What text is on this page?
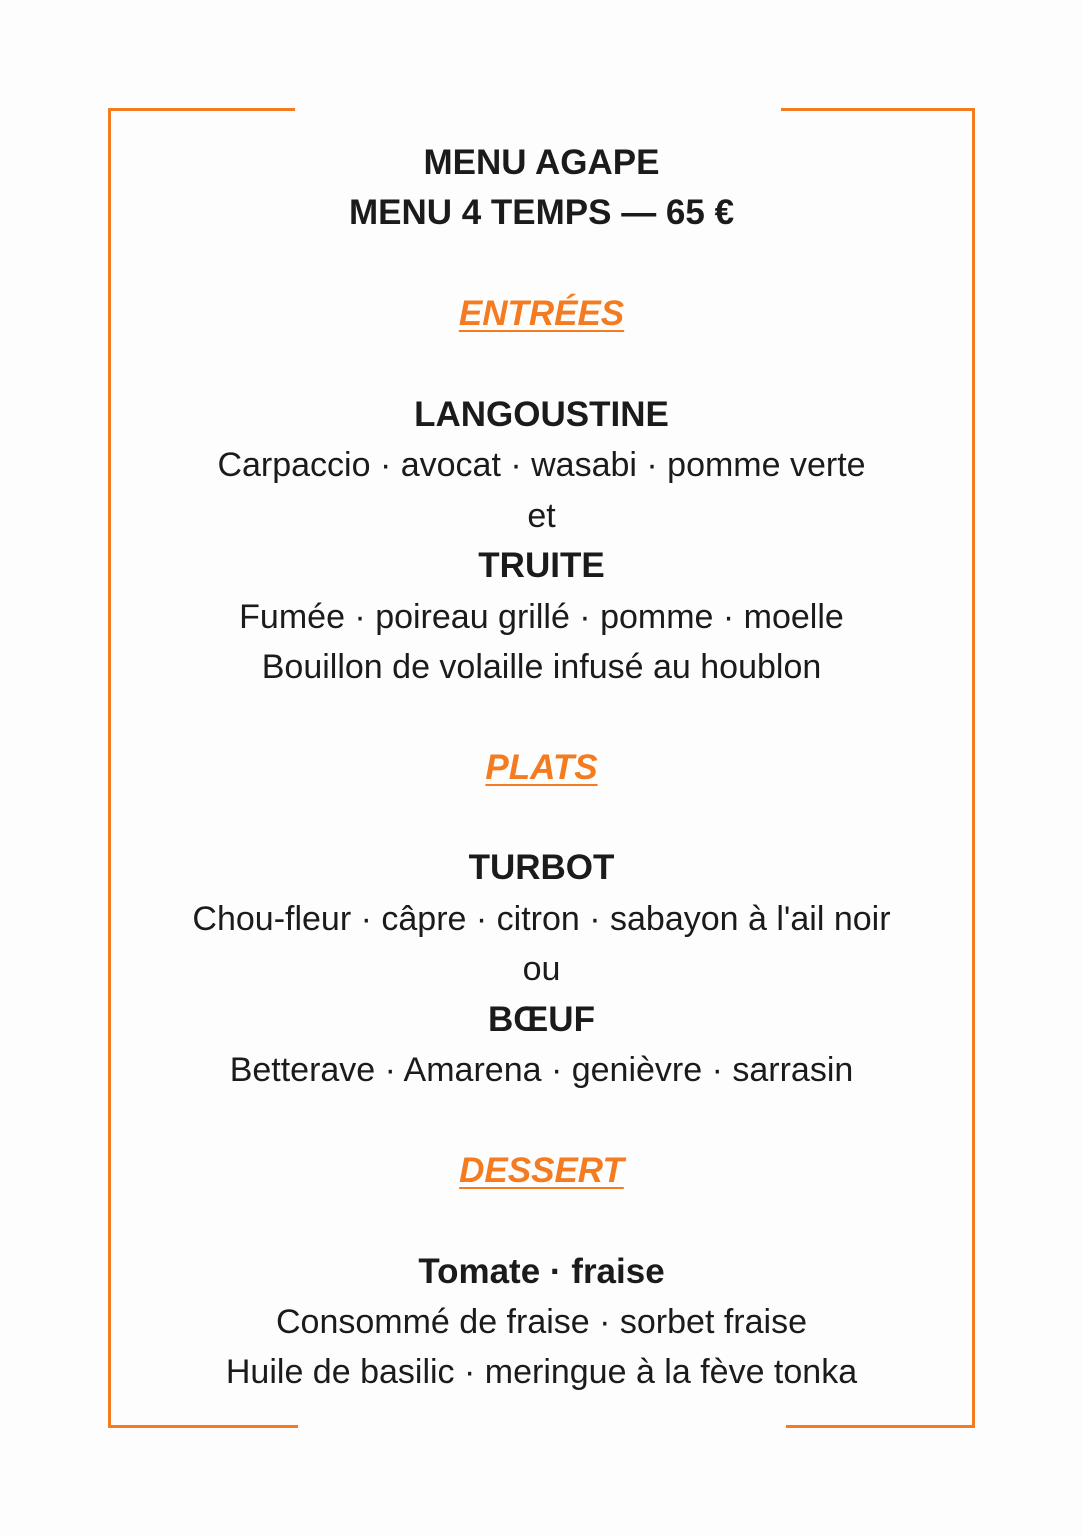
MENU AGAPE
MENU 4 TEMPS — 65 €
ENTRÉES
LANGOUSTINE
Carpaccio · avocat · wasabi · pomme verte
et
TRUITE
Fumée · poireau grillé · pomme · moelle
Bouillon de volaille infusé au houblon
PLATS
TURBOT
Chou-fleur · câpre · citron · sabayon à l'ail noir
ou
BŒUF
Betterave · Amarena · genièvre · sarrasin
DESSERT
Tomate · fraise
Consommé de fraise · sorbet fraise
Huile de basilic · meringue à la fève tonka
